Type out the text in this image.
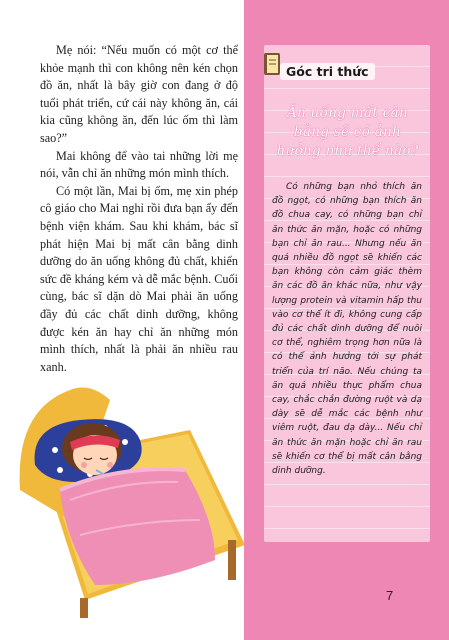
Mẹ nói: “Nếu muốn có một cơ thể khỏe mạnh thì con không nên kén chọn đồ ăn, nhất là bây giờ con đang ở độ tuổi phát triển, cứ cái này không ăn, cái kia cũng không ăn, đến lúc ốm thì làm sao?”

Mai không để vào tai những lời mẹ nói, vẫn chỉ ăn những món mình thích.

Có một lần, Mai bị ốm, mẹ xin phép cô giáo cho Mai nghỉ rồi đưa bạn ấy đến bệnh viện khám. Sau khi khám, bác sĩ phát hiện Mai bị mất cân bằng dinh dưỡng do ăn uống không đủ chất, khiến sức đề kháng kém và dễ mắc bệnh. Cuối cùng, bác sĩ dặn dò Mai phải ăn uống đầy đủ các chất dinh dưỡng, không được kén ăn hay chỉ ăn những món mình thích, nhất là phải ăn nhiều rau xanh.

Góc tri thức
Ăn uống mất cân bằng sẽ có ảnh hưởng như thế nào?
Có những bạn nhỏ thích ăn đồ ngọt, có những bạn thích ăn đồ chua cay, có những bạn chỉ ăn thức ăn mặn, hoặc có những bạn chỉ ăn rau... Nhưng nếu ăn quá nhiều đồ ngọt sẽ khiến các bạn không còn cảm giác thèm ăn các đồ ăn khác nữa, như vậy lượng protein và vitamin hấp thu vào cơ thể ít đi, không cung cấp đủ các chất dinh dưỡng để nuôi cơ thể, nghiêm trọng hơn nữa là có thể ảnh hưởng tới sự phát triển của trí não. Nếu chúng ta ăn quá nhiều thực phẩm chua cay, chắc chắn đường ruột và dạ dày sẽ dễ mắc các bệnh như viêm ruột, đau dạ dày... Nếu chỉ ăn thức ăn mặn hoặc chỉ ăn rau sẽ khiến cơ thể bị mất cân bằng dinh dưỡng.
7
